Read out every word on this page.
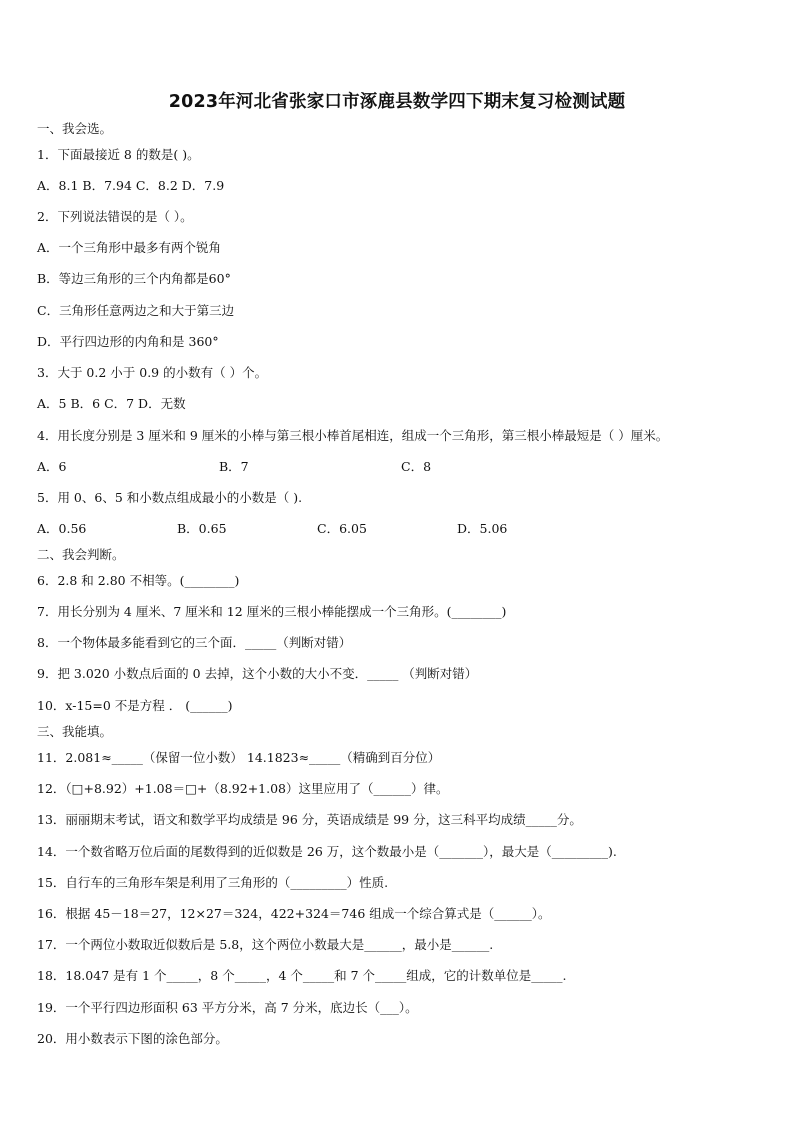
2023年河北省张家口市涿鹿县数学四下期末复习检测试题
一、我会选。
1．下面最接近 8 的数是( )。
A．8.1 B．7.94 C．8.2 D．7.9
2．下列说法错误的是（ ）。
A．一个三角形中最多有两个锐角
B．等边三角形的三个内角都是60°
C．三角形任意两边之和大于第三边
D．平行四边形的内角和是 360°
3．大于 0.2 小于 0.9 的小数有（ ）个。
A．5 B．6 C．7 D．无数
4．用长度分别是 3 厘米和 9 厘米的小棒与第三根小棒首尾相连，组成一个三角形，第三根小棒最短是（ ）厘米。
A．6	B．7	C．8
5．用 0、6、5 和小数点组成最小的小数是（ ).
A．0.56	B．0.65	C．6.05	D．5.06
二、我会判断。
6．2.8 和 2.80 不相等。(________)
7．用长分别为 4 厘米、7 厘米和 12 厘米的三根小棒能摆成一个三角形。(________)
8．一个物体最多能看到它的三个面．_____（判断对错）
9．把 3.020 小数点后面的 0 去掉，这个小数的大小不变．_____ （判断对错）
10．x-15=0 不是方程 ． (______)
三、我能填。
11．2.081≈_____（保留一位小数） 14.1823≈_____（精确到百分位）
12．（□+8.92）+1.08＝□+（8.92+1.08）这里应用了（______）律。
13．丽丽期末考试，语文和数学平均成绩是 96 分，英语成绩是 99 分，这三科平均成绩_____分。
14．一个数省略万位后面的尾数得到的近似数是 26 万，这个数最小是（_______），最大是（_________).
15．自行车的三角形车架是利用了三角形的（_________）性质.
16．根据 45－18＝27，12×27＝324，422+324＝746 组成一个综合算式是（______）。
17．一个两位小数取近似数后是 5.8，这个两位小数最大是______，最小是______.
18．18.047 是有 1 个_____，8 个_____，4 个_____和 7 个_____组成，它的计数单位是_____.
19．一个平行四边形面积 63 平方分米，高 7 分米，底边长（___）。
20．用小数表示下图的涂色部分。
